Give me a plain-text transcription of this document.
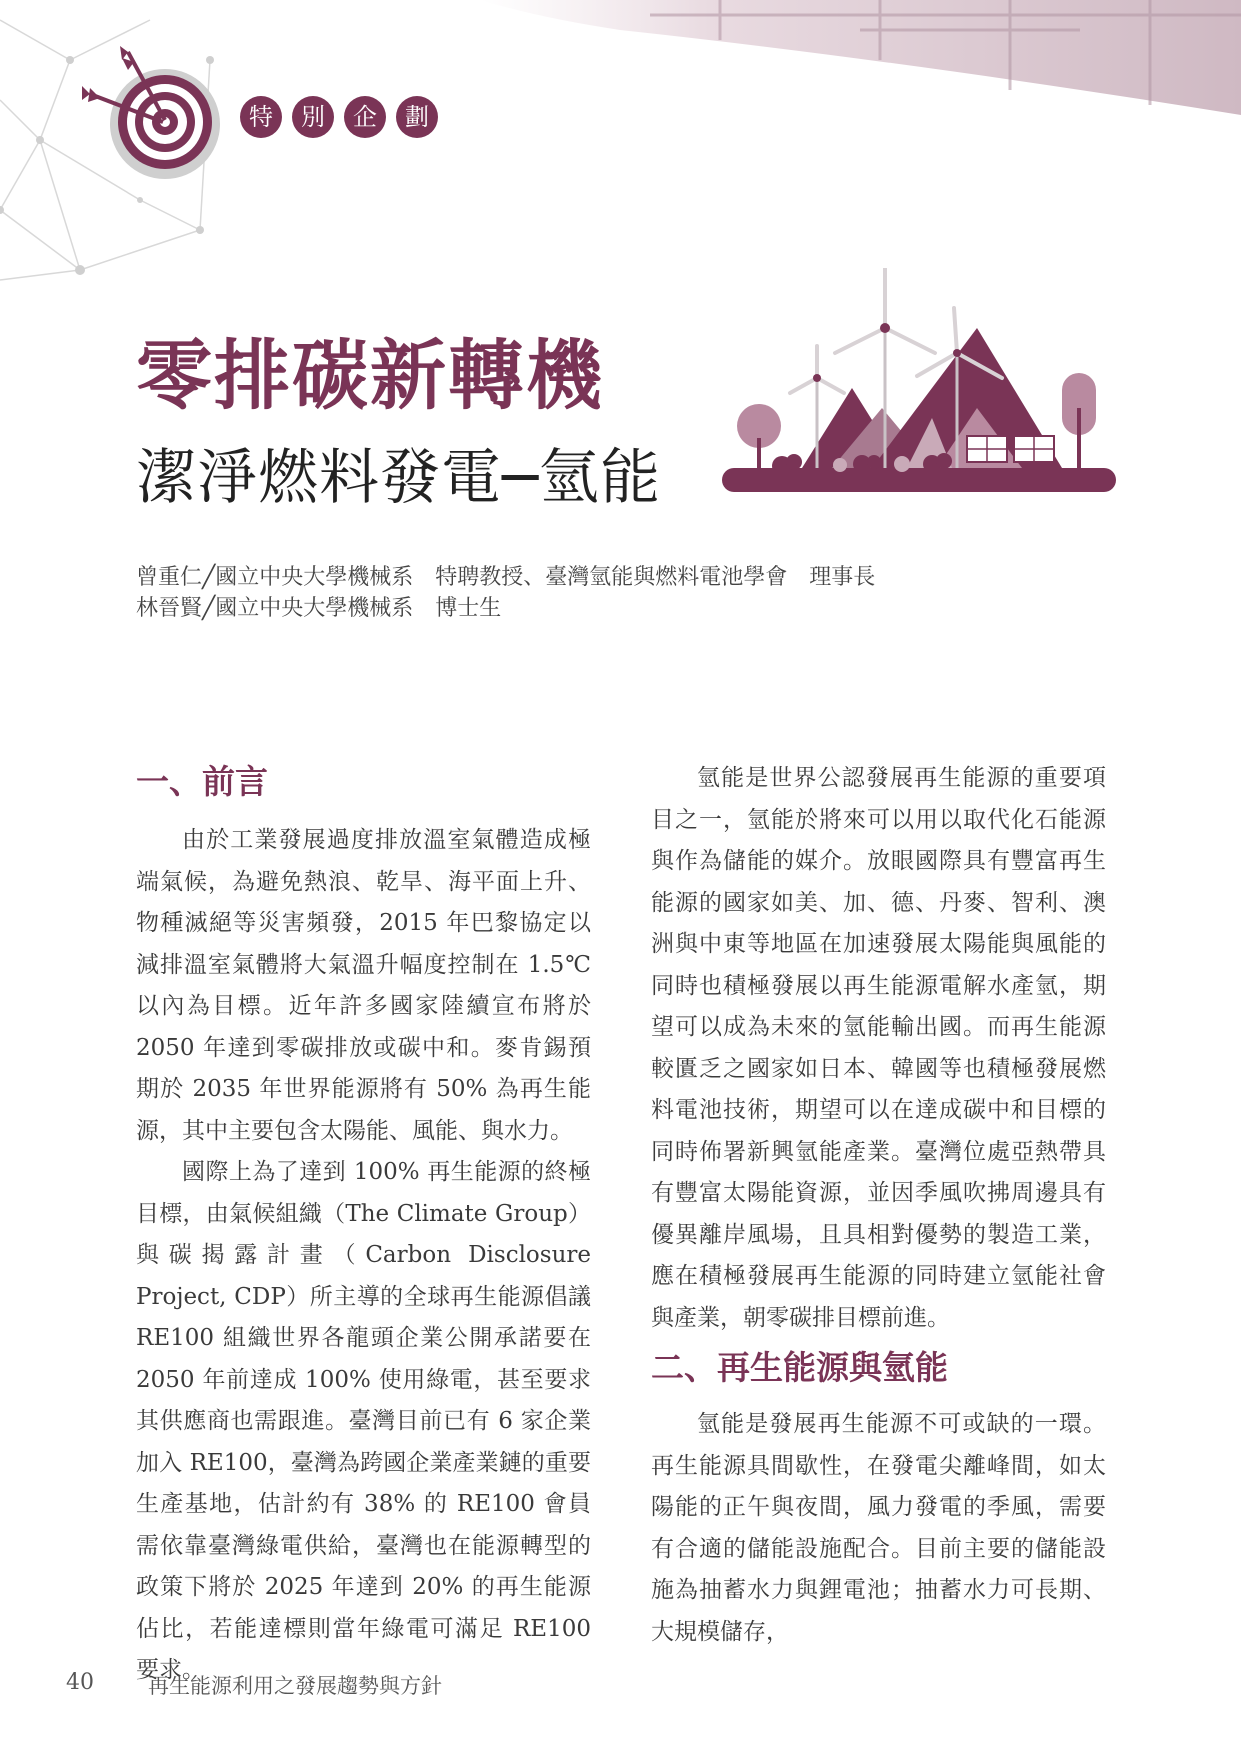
特	別	企	劃
零排碳新轉機
潔淨燃料發電─氫能
曾重仁╱國立中央大學機械系　特聘教授、臺灣氫能與燃料電池學會　理事長
林晉賢╱國立中央大學機械系　博士生
一、前言

由於工業發展過度排放溫室氣體造成極端氣候，為避免熱浪、乾旱、海平面上升、物種滅絕等災害頻發，2015 年巴黎協定以減排溫室氣體將大氣溫升幅度控制在 1.5℃以內為目標。近年許多國家陸續宣布將於 2050 年達到零碳排放或碳中和。麥肯錫預期於 2035 年世界能源將有 50% 為再生能源，其中主要包含太陽能、風能、與水力。

國際上為了達到 100% 再生能源的終極目標，由氣候組織（The Climate Group）與碳揭露計畫（Carbon Disclosure Project, CDP）所主導的全球再生能源倡議 RE100 組織世界各龍頭企業公開承諾要在 2050 年前達成 100% 使用綠電，甚至要求其供應商也需跟進。臺灣目前已有 6 家企業加入 RE100，臺灣為跨國企業產業鏈的重要生產基地，估計約有 38% 的 RE100 會員需依靠臺灣綠電供給，臺灣也在能源轉型的政策下將於 2025 年達到 20% 的再生能源佔比，若能達標則當年綠電可滿足 RE100 要求。

氫能是世界公認發展再生能源的重要項目之一，氫能於將來可以用以取代化石能源與作為儲能的媒介。放眼國際具有豐富再生能源的國家如美、加、德、丹麥、智利、澳洲與中東等地區在加速發展太陽能與風能的同時也積極發展以再生能源電解水產氫，期望可以成為未來的氫能輸出國。而再生能源較匱乏之國家如日本、韓國等也積極發展燃料電池技術，期望可以在達成碳中和目標的同時佈署新興氫能產業。臺灣位處亞熱帶具有豐富太陽能資源，並因季風吹拂周邊具有優異離岸風場，且具相對優勢的製造工業，應在積極發展再生能源的同時建立氫能社會與產業，朝零碳排目標前進。

二、再生能源與氫能

氫能是發展再生能源不可或缺的一環。再生能源具間歇性，在發電尖離峰間，如太陽能的正午與夜間，風力發電的季風，需要有合適的儲能設施配合。目前主要的儲能設施為抽蓄水力與鋰電池；抽蓄水力可長期、大規模儲存，

40	再生能源利用之發展趨勢與方針
